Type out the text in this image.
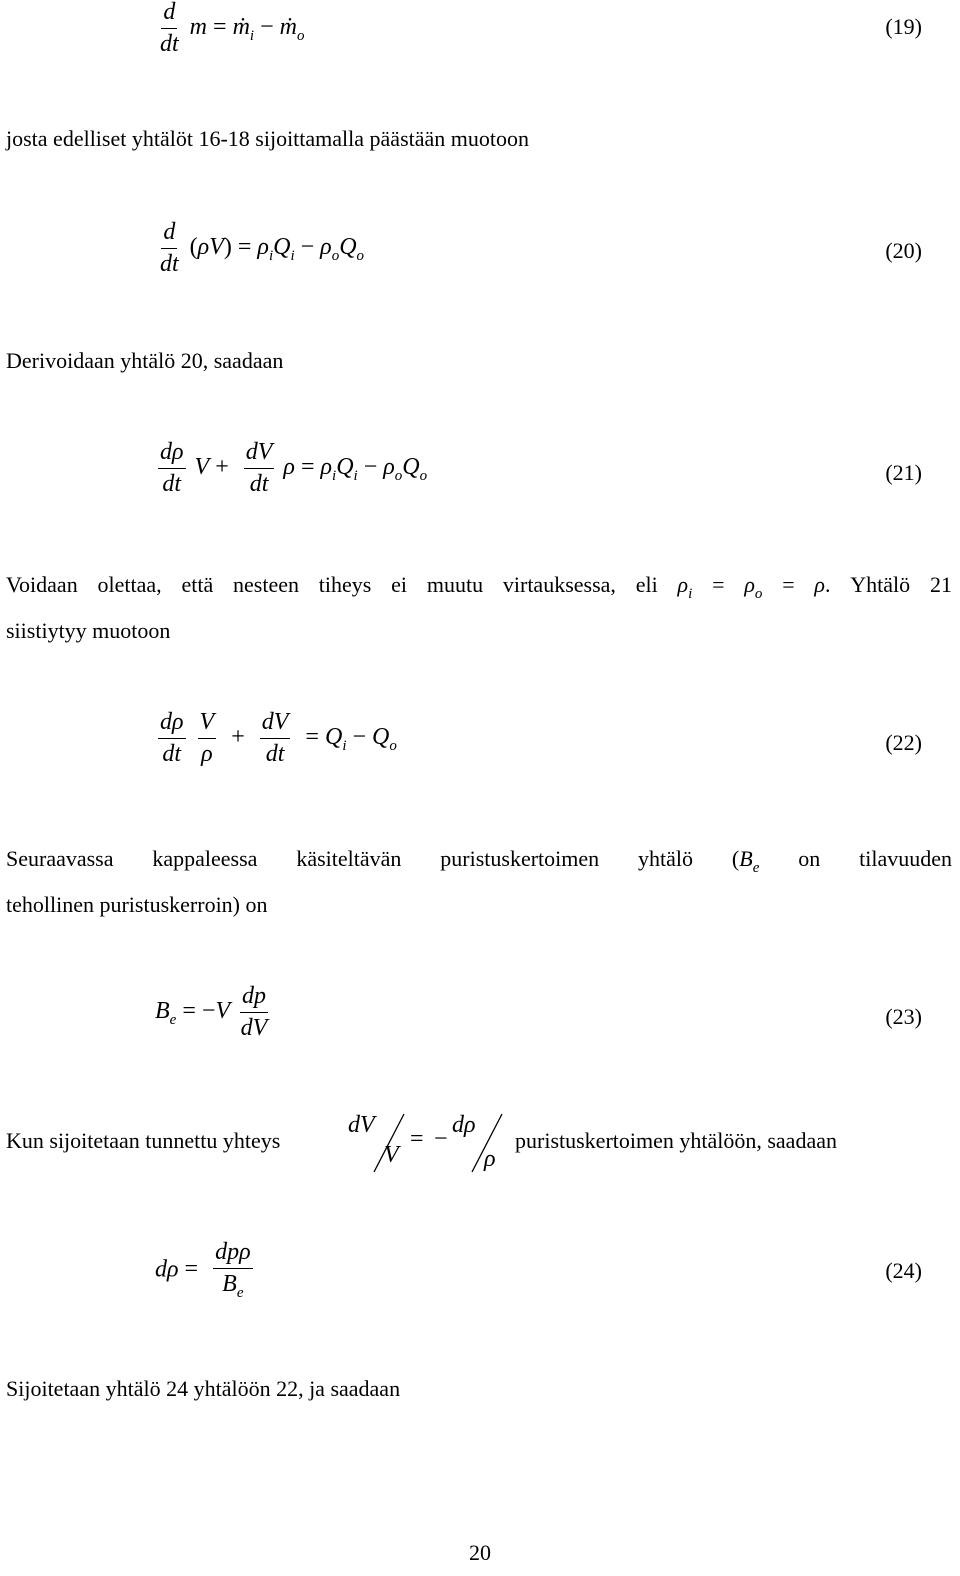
$\frac{d}{dt}$ m = ṁ$_i$ − ṁ$_o$	(19)
josta edelliset yhtälöt 16-18 sijoittamalla päästään muotoon
$\frac{d}{dt} (\rho V) = \rho_iQ_i - \rho_oQ_o$	(20)
Derivoidaan yhtälö 20, saadaan
$\frac{d\rho}{dt}$ $V + \frac{dV}{dt}$ $\rho = \rho_iQ_i - \rho_oQ_o$	(21)
Voidaan olettaa, että nesteen tiheys ei muutu virtauksessa, eli $\rho_i = \rho_o = \rho$. Yhtälö 21
siistiytyy muotoon
$\frac{d\rho}{dt}$
$\frac{V}{\rho} + \frac{dV}{dt} = Q_i - Q_o$	(22)
Seuraavassa kappaleessa käsiteltävän puristuskertoimen yhtälö ($B_e$ on tilavuuden
tehollinen puristuskerroin) on
$B_e = -V \frac{dp}{dV}$	(23)
Kun sijoitetaan tunnettu yhteys
dV
V
= −
dρ
ρ
puristuskertoimen yhtälöön, saadaan
$d\rho = \frac{\text{dpρ}}{B_e}$	(24)
Sijoitetaan yhtälö 24 yhtälöön 22, ja saadaan
20
